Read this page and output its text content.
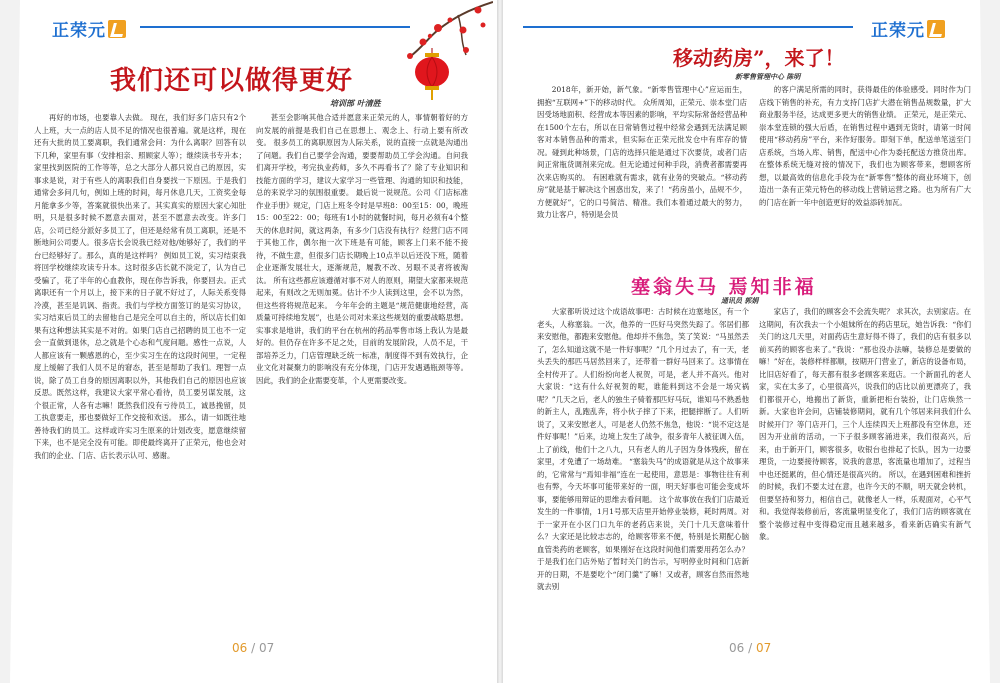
正荣元
我们还可以做得更好
培训部 叶清胜

再好的市场，也要靠人去做。 现在，我们好多门店只有2个人上班，大一点的店人员不足的情况也很普遍。就是这样，现在还有大批的员工要离职，我们通常会问：为什么离职？回答有以下几种，家里有事（安排相亲、照顾家人等）；继续读书专升本；家里找到医院的工作等等，总之大部分人都只说自己的原因，实事求是说，对于有些人的离职我们自身要找一下原因。于是我们通常会多问几句，例如上班的时间，每月休息几天，工资奖金每月能拿多少等，答案就很快出来了。其实真实的原因大家心知肚明，只是很多时候不愿意去面对，甚至不愿意去改变。许多门店，公司已经分派好多员工了，但还是经常有员工离职，还是不断地问公司要人。很多店长会说我已经对他/她够好了，我们的平台已经够好了。那么，真的是这样吗？ 例如员工说，实习结束我将回学校继续攻读专升本。这时很多店长就不淡定了，认为自己受骗了，花了半年的心血教你，现在你告诉我，你要回去。正式离职还有一个月以上，接下来的日子就不好过了，人际关系变得冷漠，甚至是讥讽、指责。我们与学校方面签订的是实习协议，实习结束后员工的去留他自己是完全可以自主的，所以店长们如果有这种想法其实是不对的。如果门店自己招聘的员工也不一定会一直做到退休，总之就是个心态和气度问题。感性一点说，人人都应该有一颗感恩的心，至少实习生在的这段时间里，一定程度上缓解了我们人员不足的窘态，甚至是帮助了我们。理智一点说，除了员工自身的原因离职以外，其他我们自己的原因也应该反思。既然这样，我建议大家平常心看待，员工要另谋发展，这个很正常，人各有志嘛！既然我们没有亏待员工，诚恳挽留，员工执意要走，那也要做好工作交接和欢送。 那么，请一如既往地善待我们的员工。这样或许实习生原来的计划改变，愿意继续留下来，也不是完全没有可能。即使最终离开了正荣元，他也会对我们的企业、门店、店长表示认可、感谢。

甚至会影响其他合适并愿意来正荣元的人，事情朝着好的方向发展的前提是我们自己在思想上、观念上、行动上要有所改变。 很多员工的离职原因为人际关系，说的直接一点就是沟通出了问题。我们自己要学会沟通，要要帮助员工学会沟通。自问我们离开学校，考完执业药师，多久不再看书了？除了专业知识和技能方面的学习，建议大家学习一些管理、沟通的知识和技能，总的来说学习的氛围很重要。 最后说一说规范。公司《门店标准作业手册》规定，门店上班冬令时是早班8：00至15：00，晚班15：00至22：00；每班有1小时的就餐时间，每月必须有4个整天的休息时间，就这两条，有多少门店没有执行？经营门店不同于其他工作，偶尔拖一次下班是有可能，顾客上门来不能不接待，不做生意，但很多门店长期晚上10点半以后还没下班，随着企业逐渐发展壮大，逐渐规范，履教不改、另眼不灵者将被淘汰。 所有这些都应该遵循对事不对人的原则，期望大家都来规范起来，有则改之无则加冕。估计不少人读到这里，会不以为然，但这些将将规范起来。 今年年会的主题是“规范健康地经营，高质量可持续地发展”，也是公司对未来这些规划的重要战略思想。实事求是地讲，我们的平台在杭州的药品零售市场上我认为是最好的。但仍存在许多不足之处，目前的发展阶段，人员不足，干部培养乏力，门店管理缺乏统一标准，制度得不到有效执行，企业文化对凝聚力的影响没有充分体现，门店开发遇遇瓶颈等等。因此，我们的企业需要变革，个人更需要改变。

06 / 07
正荣元
移动药房”，来了！
新零售管理中心 陈明

2018年，新开始，新气象。“新零售管理中心”应运而生，拥抱“互联网+”下的移动时代。 众所周知，正荣元、崇本堂门店因受场地面积、经营成本等因素的影响，平均实际常备经营品种在1500个左右，所以在日常销售过程中经常会遇到无法满足顾客对本销售品种的需求，但实际在正荣元批发仓中有库存的情况。碰到此种场景，门店的选择只能是通过下次要货，或者门店间正常瓶货调剂来完成。但无论通过何种手段，消费者都需要再次来店购买的。 有困难就有需求，就有业务的突破点。“移动药房”就是基于解决这个困惑出发，来了！“药房虽小，品规不少，方便就好”，它的口号简洁、精准。我们本着通过最大的努力，致力让客户，特别是会员

的客户满足所需的同时，获得最佳的体验感受。同时作为门店线下销售的补充，有力支持门店扩大潜在销售品规数量，扩大商业服务半径，达成更多更大的销售业绩。 正荣元，是正荣元、崇本堂连锁的强大后盾，在销售过程中遇到无货时，请第一时间使用“移动药房”平台，来作好服务。即刻下单，配送单笔送至门店系统，当场入库、销售，配送中心作为委托配送方推货出库。在整体系统无缝对接的情况下，我们也为顾客带来，想顾客所想，以最高效的信息化手段为在“新零售”整体的商业环境下，创造出一条有正荣元特色的移动线上营销运营之路。也为所有广大的门店在新一年中创造更好的效益添砖加瓦。

塞翁失马 焉知非福
通讯员 郭娟

大家都听说过这个成语故事吧：古时候在边塞地区，有一个老头，人称塞翁。一次，他养的一匹好马突然失踪了。邻居们都来安慰他，都跑来安慰他。他却并不焦急，笑了笑说：“马虽然丢了，怎么知道这就不是一件好事呢？”几个月过去了，有一天，老头丢失的那匹马居然回来了，还带着一群好马回来了。这事情在全村传开了。人们纷纷向老人祝贺，可是，老人并不高兴。他对大家说：“这有什么好祝贺的呢，谁能料到这不会是一场灾祸呢？”几天之后，老人的独生子骑着那匹好马玩，谁知马不熟悉他的新主人，乱跑乱奔，将小伙子摔了下来，把腿摔断了。人们听说了，又来安慰老人，可是老人仍然不焦急，他说：“说不定这是件好事呢！”后来，边境上发生了战争，很多青年人被征调入伍，上了前线，他们十之八九，只有老人的儿子因为身体残疾，留在家里，才免遭了一场劫难。 “塞翁失马”的成语就是从这个故事来的，它常常与“焉知非福”连在一起使用，意思是：事物往往有利也有弊，今天坏事可能带来好的一面，明天好事也可能会变成坏事，要能够用辩证的思维去看问题。 这个故事放在我们门店最近发生的一件事情，1月1号那天店里开始停业装修，耗时两周。对于一家开在小区门口九年的老药店来说，关门十几天意味着什么？大家还是比较志志的，给顾客带来不便，特别是长期配心脑血管类药的老顾客，如果刚好在这段时间他们需要用药怎么办？于是我们在门店外贴了暂时关门的告示，写明停业时间和门店新开的日期，不是要吃个“闭门羹”了嘛！又或者，顾客自然而然地就去别

家店了，我们的顾客会不会流失呢？ 求其次，去别家店。在这期间，有次我去一个小姐妹所在的药店里玩，她告诉我：“你们关门的这几天里，对面药店生意好得不得了，我们的店有很多以前买药的顾客也来了。”我说：“那也没办法嘛，装修总是要做的嘛！”好在，装修样样都顺，按期开门营业了，新店的设备布局，比旧店好看了，每天都有很多老顾客来逛店。一个新面孔的老人家，实在太多了，心里很高兴，说我们的店比以前更漂亮了，我们都很开心，地搬出了新货，重新把柜台装扮，让门店焕然一新。大家也许会问，店铺装修期间，就有几个邻居来问我们什么时候开门？等门店开门，三个人连续四天上班都没有空休息，还因为开业前的活动，一下子很多顾客涌进来，我们很高兴，后来，由于新开门，顾客很多，收银台也排起了长队，因为一边要理货，一边要接待顾客，说我的意思，客流量也增加了，过程当中也还挺累的，但心情还是很高兴的。 所以，在遇到困难和挫折的时候，我们不要太过在意，也许今天的不顺，明天就会转机，但要坚持和努力，相信自己，就像老人一样，乐观面对，心平气和。我觉得装修前后，客流量明显变化了，我们门店的顾客就在整个装修过程中变得稳定而且越来越多，看来新店确实有新气象。

06 / 07
